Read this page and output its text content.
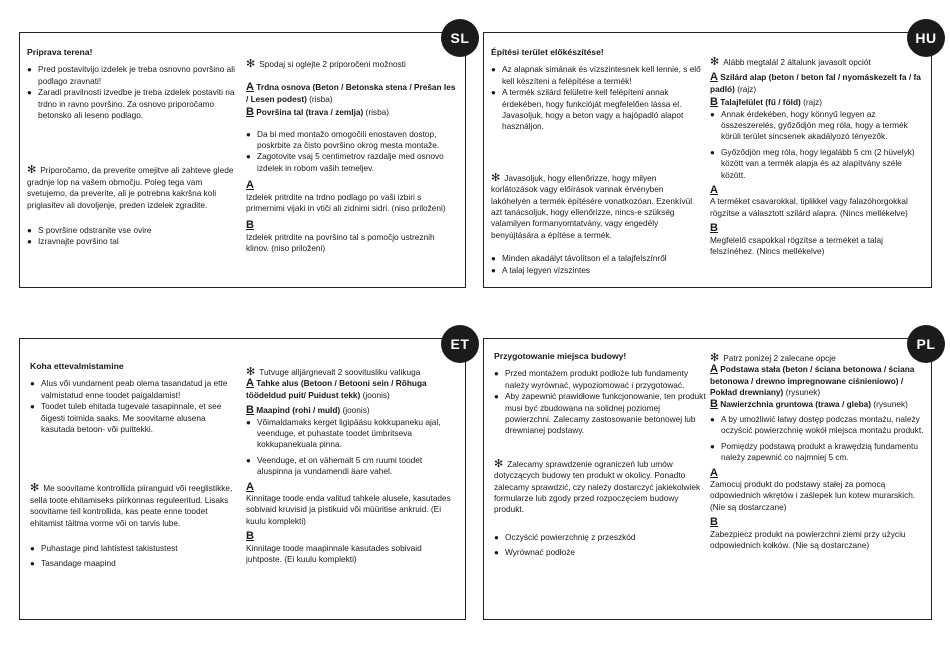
SL
Priprava terena!
● Pred postavitvijo izdelek je treba osnovno površino ali podlago zravnati!
● Zaradi pravilnosti izvedbe je treba izdelek postaviti na trdno in ravno površino. Za osnovo priporočamo betonsko ali leseno podlago.
✻ Priporočamo, da preverite omejitve ali zahteve glede gradnje lop na vašem območju. Poleg tega vam svetujemo, da preverite, ali je potrebna kakršna koli priglasitev ali dovoljenje, preden izdelek zgradite.
● S površine odstranite vse ovire
● Izravnajte površino tal
✻ Spodaj si oglejte 2 priporočeni možnosti
A Trdna osnova (Beton / Betonska stena / Prešan les / Lesen podest) (risba)
B Površina tal (trava / zemlja) (risba)
● Da bi med montažo omogočili enostaven dostop, poskrbite za čisto površino okrog mesta montaže.
● Zagotovite vsaj 5 centimetrov razdalje med osnovo izdelek in robom vaših temeljev.
A
Izdelek pritrdite na trdno podlago po vaši izbiri s primernimi vijaki in vtiči ali zidnimi sidri. (niso priloženi)
B
Izdelek pritrdite na površino tal s pomočjo ustreznih klinov. (niso priloženi)
HU
Építési terület előkészítése!
● Az alapnak simának és vízszintesnek kell lennie, s elő kell készíteni a felépítése a termék!
● A termék szilárd felületre kell felépíteni annak érdekében, hogy funkcióját megfelelően lássa el. Javasoljuk, hogy a beton vagy a hajópadló alapot használjon.
✻ Javasoljuk, hogy ellenőrizze, hogy milyen korlátozások vagy előírások vannak érvényben lakóhelyén a termék építésére vonatkozóan. Ezenkívül azt tanácsoljuk, hogy ellenőrizze, nincs-e szükség valamilyen formanyomtatvány, vagy engedély benyújtására a építése a termék.
● Minden akadályt távolítson el a talajfelszínről
● A talaj legyen vízszintes
✻ Alább megtalál 2 általunk javasolt opciót
A Szilárd alap (beton / beton fal / nyomáskezelt fa / fa padló) (rajz)
B Talajfelület (fű / föld) (rajz)
● Annak érdekében, hogy könnyű legyen az összeszerelés, győződjön meg róla, hogy a termék körüli terület sincsenek akadályozó tényezők.
● Győződjön meg róla, hogy legalább 5 cm (2 hüvelyk) között van a termék alapja és az alapítvány széle között.
A
A terméket csavarokkal, tiplikkel vagy falazóhorgokkal rögzítse a választott szilárd alapra. (Nincs mellékelve)
B
Megfelelő csapokkal rögzítse a terméket a talaj felszínéhez. (Nincs mellékelve)
ET
Koha ettevalmistamine
● Alus või vundament peab olema tasandatud ja ette valmistatud enne toodet paigaldamist!
● Toodet tuleb ehitada tugevale tasapinnale, et see õigesti toimida saaks. Me soovitame alusena kasutada betoon- või puittekki.
✻ Me soovitame kontrollida piiranguid või reeglistikke, sella toote ehitamiseks piirkonnas reguleeritud. Lisaks soovitame teil kontrollida, kas peate enne toodet ehitamist täitma vorme või on tarvis lube.
● Puhastage pind lahtistest takistustest
● Tasandage maapind
✻ Tutvuge alljärgnevalt 2 soovitusliku valikuga
A Tahke alus (Betoon / Betooni sein / Rõhuga töödeldud puit/ Puidust tekk) (joonis)
B Maapind (rohi / muld) (joonis)
● Võimaldamaks kerget ligipääsu kokkupaneku ajal, veenduge, et puhastate toodet ümbritseva kokkupanekuala pinna.
● Veenduge, et on vähemalt 5 cm ruumi toodet aluspinna ja vundamendi äare vahel.
A
Kinnitage toode enda valitud tahkele alusele, kasutades sobivaid kruvisid ja pistikuid või müüritise ankruid. (Ei kuulu komplekti)
B
Kinnitage toode maapinnale kasutades sobivaid juhtposte. (Ei kuulu komplekti)
PL
Przygotowanie miejsca budowy!
● Przed montażem produkt podłoże lub fundamenty należy wyrównać, wypoziomować i przygotować.
● Aby zapewnić prawidłowe funkcjonowanie, ten produkt musi być zbudowana na solidnej poziomej powierzchni. Zalecamy zastosowanie betonowej lub drewnianej podstawy.
✻ Zalecamy sprawdzenie ograniczeń lub umów dotyczących budowy ten produkt w okolicy. Ponadto zalecamy sprawdzić, czy należy dostarczyć jakiekolwiek formularze lub zgody przed rozpoczęciem budowy produkt.
● Oczyścić powierzchnię z przeszkód
● Wyrównać podłoże
✻ Patrz poniżej 2 zalecane opcje
A Podstawa stała (beton / ściana betonowa / ściana betonowa / drewno impregnowane ciśnieniowo) / Pokład drewniany) (rysunek)
B Nawierzchnia gruntowa (trawa / gleba) (rysunek)
● A by umożliwić łatwy dostęp podczas montażu, należy oczyścić powierzchnię wokół miejsca montażu produkt.
● Pomiędzy podstawą produkt a krawędzią fundamentu należy zapewnić co najmniej 5 cm.
A
Zamocuj produkt do podstawy stałej za pomocą odpowiednich wkrętów i zaślepek lun kotew murarskich. (Nie są dostarczane)
B
Zabezpiecz produkt na powierzchni ziemi przy użyciu odpowiednich kołków. (Nie są dostarczane)
